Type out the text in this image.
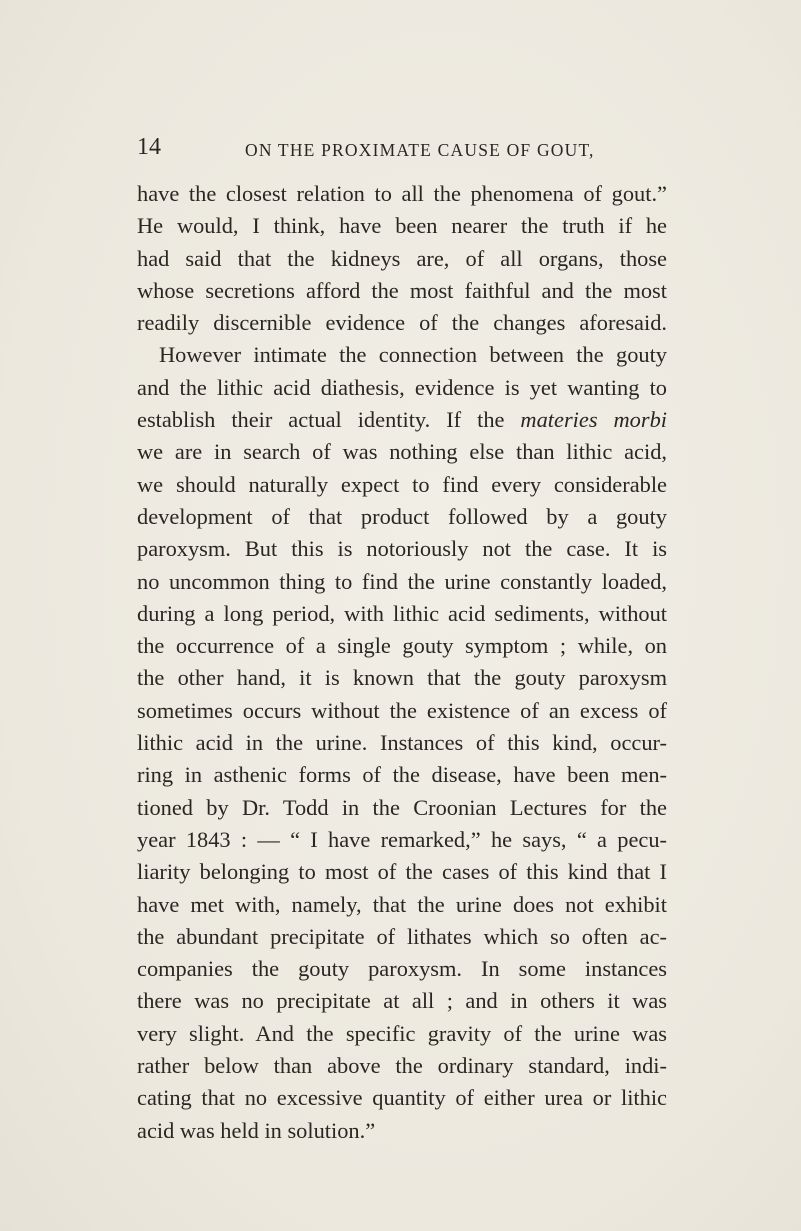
14	ON THE PROXIMATE CAUSE OF GOUT,
have the closest relation to all the phenomena of gout.”
He would, I think, have been nearer the truth if he
had said that the kidneys are, of all organs, those
whose secretions afford the most faithful and the most
readily discernible evidence of the changes aforesaid.
However intimate the connection between the gouty
and the lithic acid diathesis, evidence is yet wanting to
establish their actual identity. If the materies morbi
we are in search of was nothing else than lithic acid,
we should naturally expect to find every considerable
development of that product followed by a gouty
paroxysm. But this is notoriously not the case. It is
no uncommon thing to find the urine constantly loaded,
during a long period, with lithic acid sediments, without
the occurrence of a single gouty symptom ; while, on
the other hand, it is known that the gouty paroxysm
sometimes occurs without the existence of an excess of
lithic acid in the urine. Instances of this kind, occur-
ring in asthenic forms of the disease, have been men-
tioned by Dr. Todd in the Croonian Lectures for the
year 1843 : — “ I have remarked,” he says, “ a pecu-
liarity belonging to most of the cases of this kind that I
have met with, namely, that the urine does not exhibit
the abundant precipitate of lithates which so often ac-
companies the gouty paroxysm. In some instances
there was no precipitate at all ; and in others it was
very slight. And the specific gravity of the urine was
rather below than above the ordinary standard, indi-
cating that no excessive quantity of either urea or lithic
acid was held in solution.”
